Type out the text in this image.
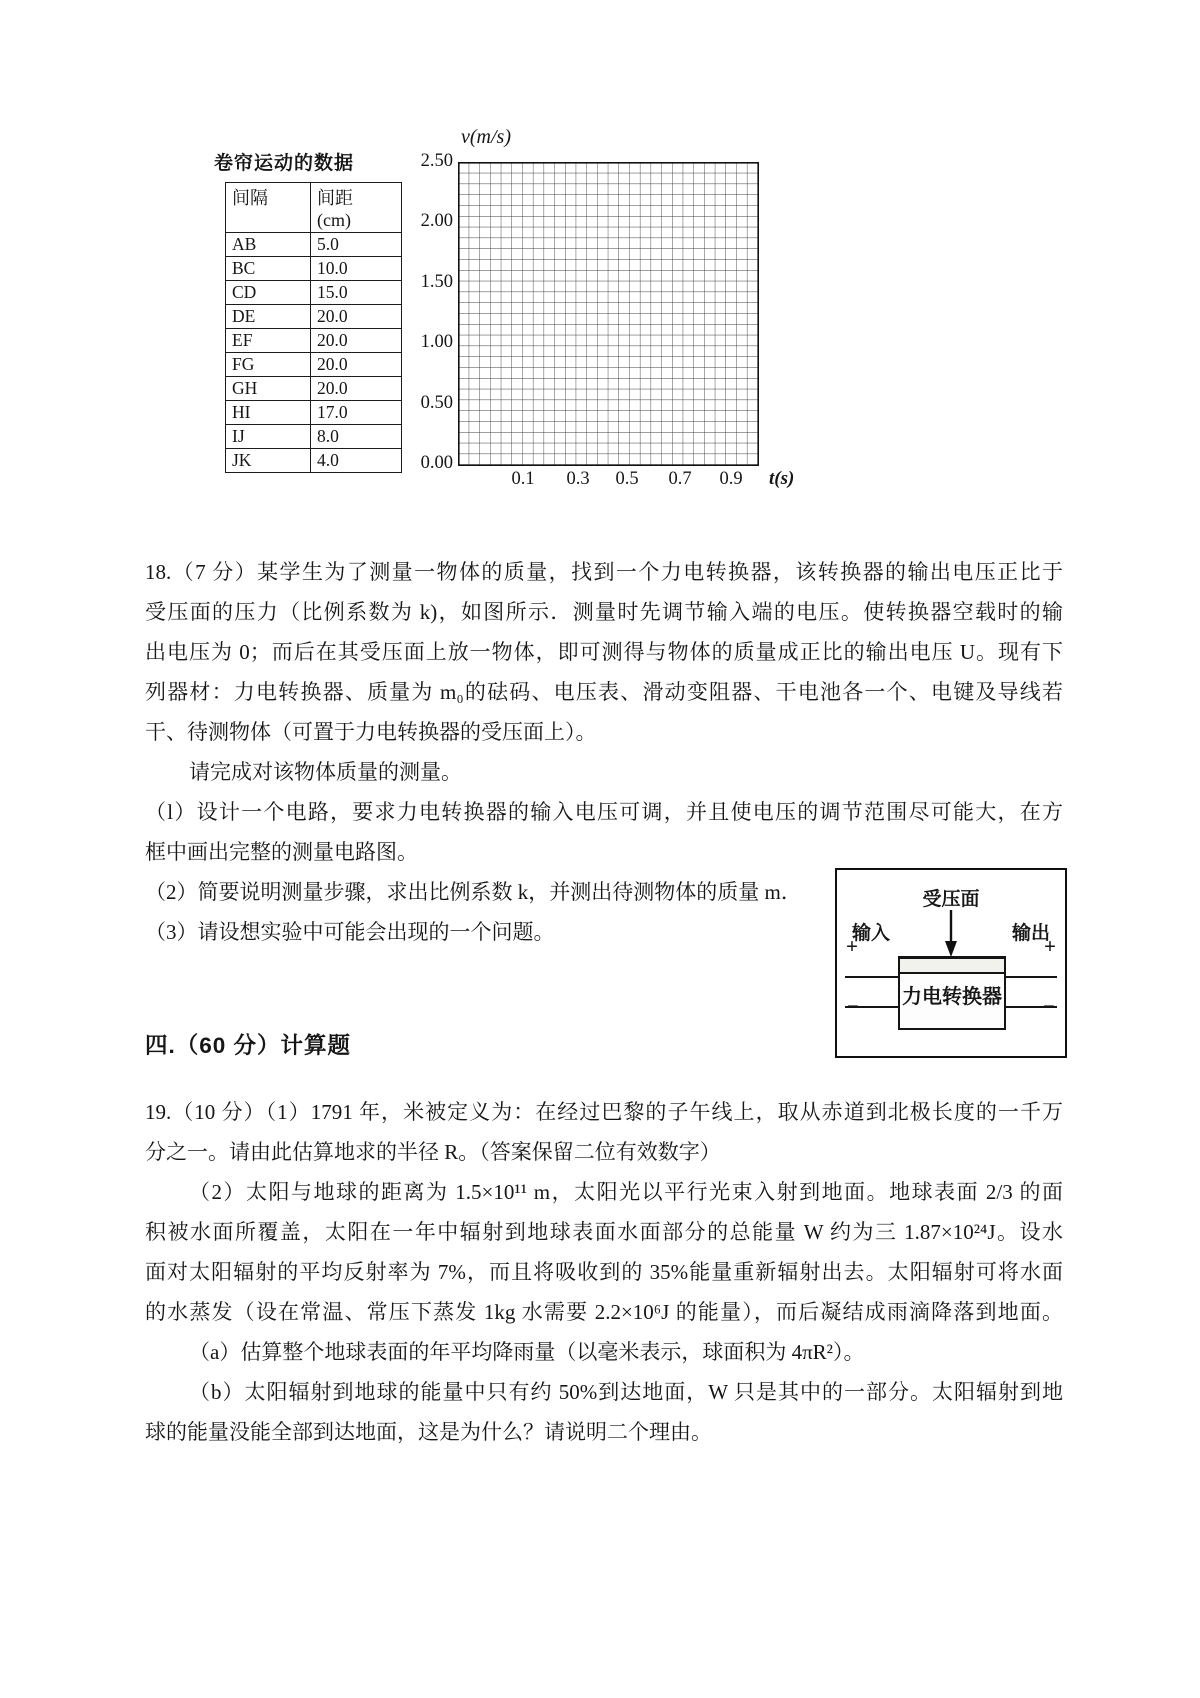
卷帘运动的数据
间隔	间距
(cm)
AB	5.0
BC	10.0
CD	15.0
DE	20.0
EF	20.0
FG	20.0
GH	20.0
HI	17.0
IJ	8.0
JK	4.0
v(m/s)
2.50
2.00
1.50
1.00
0.50
0.00
0.1 0.3 0.5 0.7 0.9 t(s)
18.（7 分）某学生为了测量一物体的质量，找到一个力电转换器，该转换器的输出电压正比于
受压面的压力（比例系数为 k)，如图所示．测量时先调节输入端的电压。使转换器空载时的输
出电压为 0；而后在其受压面上放一物体，即可测得与物体的质量成正比的输出电压 U。现有下
列器材：力电转换器、质量为 m₀的砝码、电压表、滑动变阻器、干电池各一个、电键及导线若
干、待测物体（可置于力电转换器的受压面上）。
请完成对该物体质量的测量。
（l）设计一个电路，要求力电转换器的输入电压可调，并且使电压的调节范围尽可能大，在方
框中画出完整的测量电路图。
（2）简要说明测量步骤，求出比例系数 k，并测出待测物体的质量 m．
（3）请设想实验中可能会出现的一个问题。
受压面
输入	输出
+	+
−	−
力电转换器
四.（60 分）计算题
19.（10 分）（1）1791 年，米被定义为：在经过巴黎的子午线上，取从赤道到北极长度的一千万
分之一。请由此估算地求的半径 R。（答案保留二位有效数字）
（2）太阳与地球的距离为 1.5×10¹¹ m，太阳光以平行光束入射到地面。地球表面 2/3 的面
积被水面所覆盖，太阳在一年中辐射到地球表面水面部分的总能量 W 约为三 1.87×10²⁴J。设水
面对太阳辐射的平均反射率为 7%，而且将吸收到的 35%能量重新辐射出去。太阳辐射可将水面
的水蒸发（设在常温、常压下蒸发 1kg 水需要 2.2×10⁶J 的能量），而后凝结成雨滴降落到地面。
（a）估算整个地球表面的年平均降雨量（以毫米表示，球面积为 4πR²）。
（b）太阳辐射到地球的能量中只有约 50%到达地面，W 只是其中的一部分。太阳辐射到地
球的能量没能全部到达地面，这是为什么？请说明二个理由。
